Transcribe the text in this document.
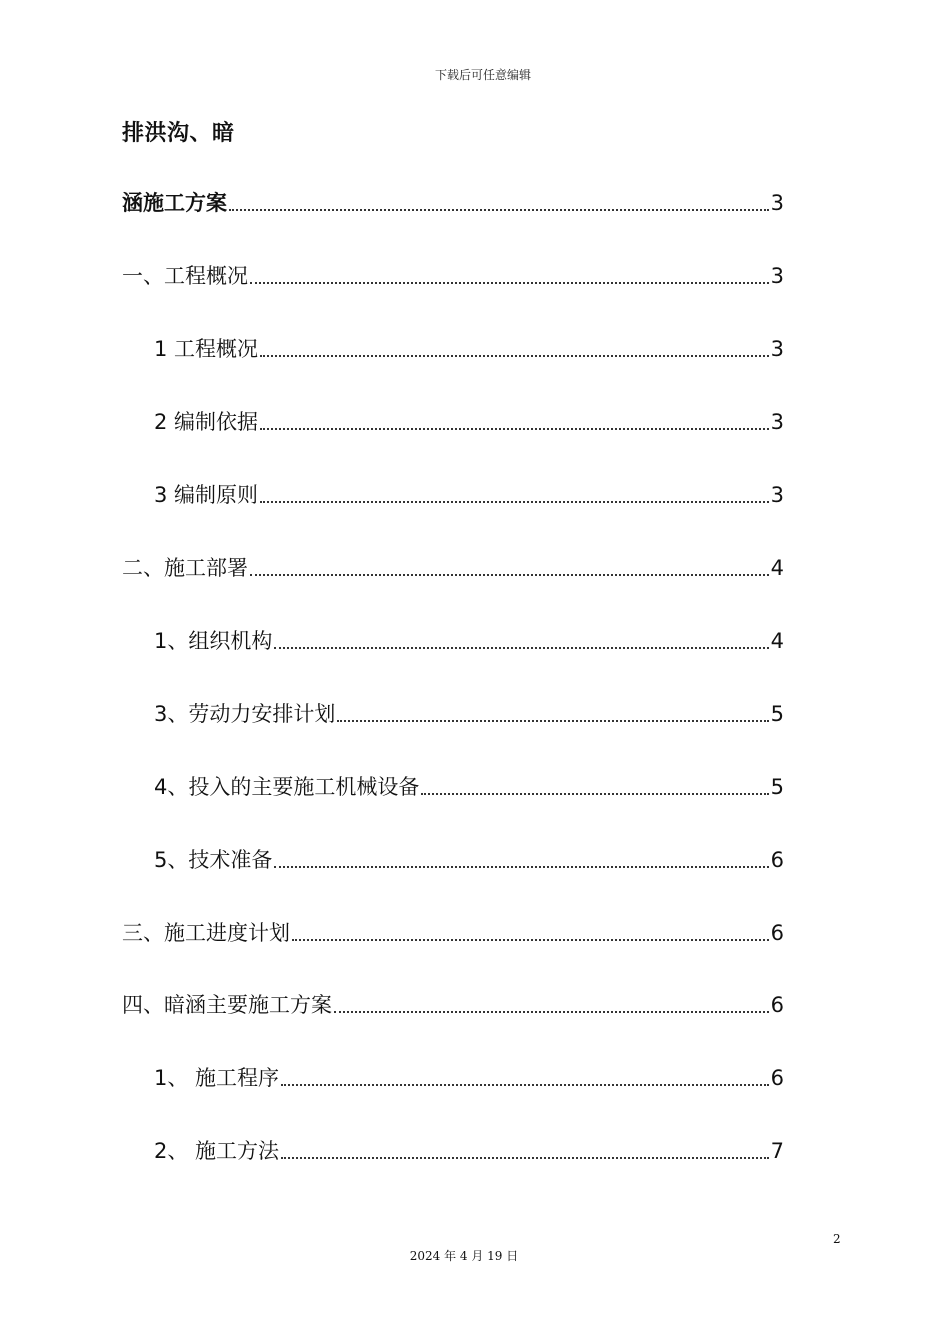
下载后可任意编辑
排洪沟、暗
涵施工方案	3
一、工程概况	3
1 工程概况	3
2 编制依据	3
3 编制原则	3
二、施工部署	4
1、组织机构	4
3、劳动力安排计划	5
4、投入的主要施工机械设备	5
5、技术准备	6
三、施工进度计划	6
四、暗涵主要施工方案	6
1、 施工程序	6
2、 施工方法	7
2
2024 年 4 月 19 日
